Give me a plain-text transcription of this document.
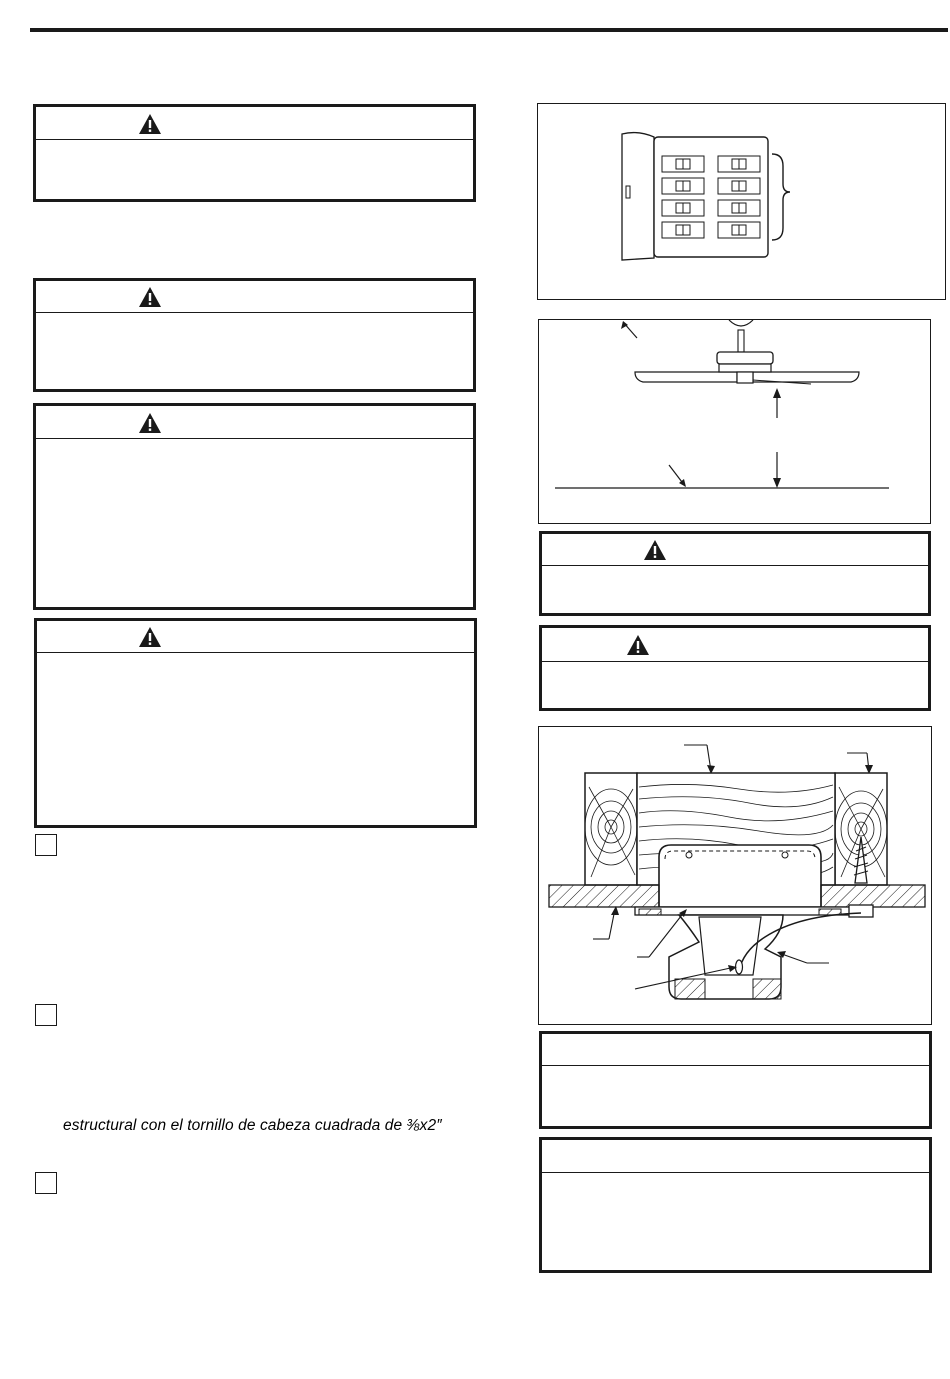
estructural con el tornillo de cabeza cuadrada de ⅜x2″
